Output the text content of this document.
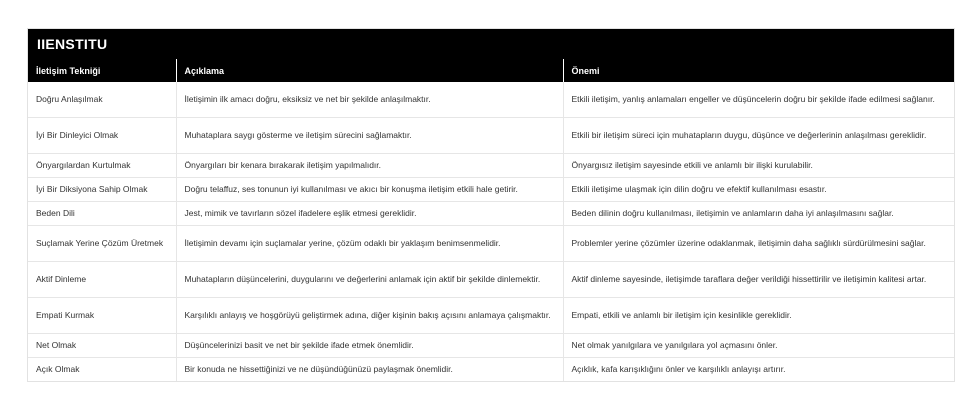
IIENSTITU
İletişim Tekniği	Açıklama	Önemi
Doğru Anlaşılmak	İletişimin ilk amacı doğru, eksiksiz ve net bir şekilde anlaşılmaktır.	Etkili iletişim, yanlış anlamaları engeller ve düşüncelerin doğru bir şekilde ifade edilmesi sağlanır.
İyi Bir Dinleyici Olmak	Muhataplara saygı gösterme ve iletişim sürecini sağlamaktır.	Etkili bir iletişim süreci için muhatapların duygu, düşünce ve değerlerinin anlaşılması gereklidir.
Önyargılardan Kurtulmak	Önyargıları bir kenara bırakarak iletişim yapılmalıdır.	Önyargısız iletişim sayesinde etkili ve anlamlı bir ilişki kurulabilir.
İyi Bir Diksiyona Sahip Olmak	Doğru telaffuz, ses tonunun iyi kullanılması ve akıcı bir konuşma iletişim etkili hale getirir.	Etkili iletişime ulaşmak için dilin doğru ve efektif kullanılması esastır.
Beden Dili	Jest, mimik ve tavırların sözel ifadelere eşlik etmesi gereklidir.	Beden dilinin doğru kullanılması, iletişimin ve anlamların daha iyi anlaşılmasını sağlar.
Suçlamak Yerine Çözüm Üretmek	İletişimin devamı için suçlamalar yerine, çözüm odaklı bir yaklaşım benimsenmelidir.	Problemler yerine çözümler üzerine odaklanmak, iletişimin daha sağlıklı sürdürülmesini sağlar.
Aktif Dinleme	Muhatapların düşüncelerini, duygularını ve değerlerini anlamak için aktif bir şekilde dinlemektir.	Aktif dinleme sayesinde, iletişimde taraflara değer verildiği hissettirilir ve iletişimin kalitesi artar.
Empati Kurmak	Karşılıklı anlayış ve hoşgörüyü geliştirmek adına, diğer kişinin bakış açısını anlamaya çalışmaktır.	Empati, etkili ve anlamlı bir iletişim için kesinlikle gereklidir.
Net Olmak	Düşüncelerinizi basit ve net bir şekilde ifade etmek önemlidir.	Net olmak yanılgılara ve yanılgılara yol açmasını önler.
Açık Olmak	Bir konuda ne hissettiğinizi ve ne düşündüğünüzü paylaşmak önemlidir.	Açıklık, kafa karışıklığını önler ve karşılıklı anlayışı artırır.
